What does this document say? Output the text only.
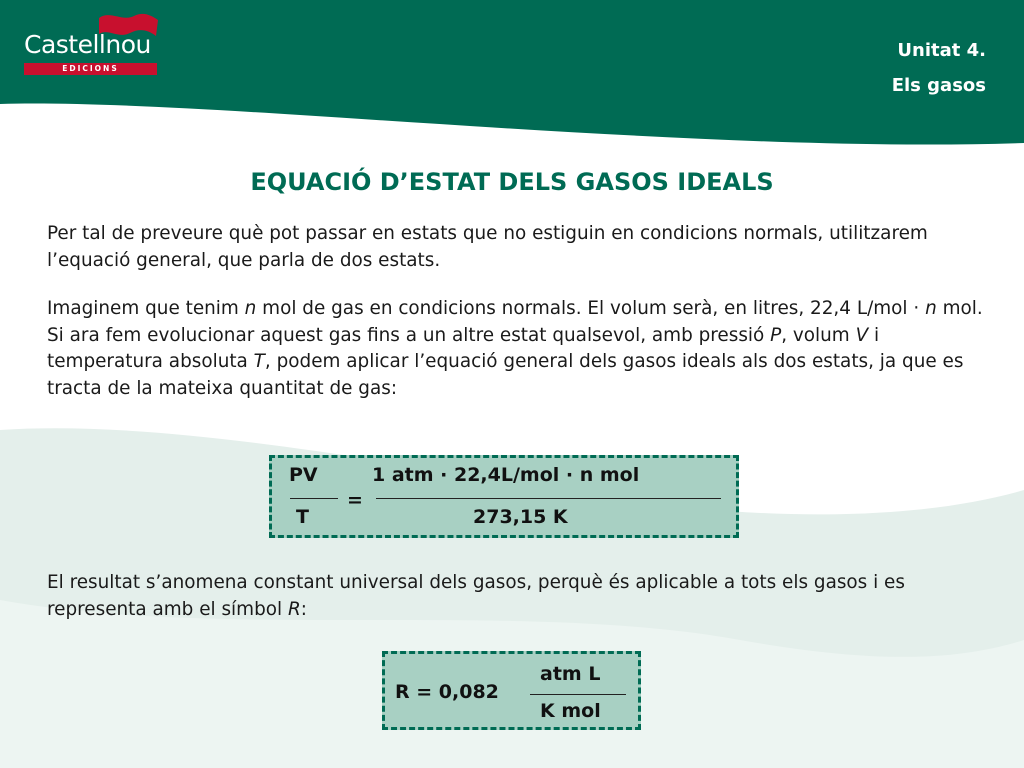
Castellnou
EDICIONS
Unitat 4.
Els gasos
EQUACIÓ D’ESTAT DELS GASOS IDEALS

Per tal de preveure què pot passar en estats que no estiguin en condicions normals, utilitzarem l’equació general, que parla de dos estats.

Imaginem que tenim n mol de gas en condicions normals. El volum serà, en litres, 22,4 L/mol · n mol. Si ara fem evolucionar aquest gas fins a un altre estat qualsevol, amb pressió P, volum V i temperatura absoluta T, podem aplicar l’equació general dels gasos ideals als dos estats, ja que es tracta de la mateixa quantitat de gas:

PV
T
=
1 atm · 22,4L/mol · n mol
273,15 K

El resultat s’anomena constant universal dels gasos, perquè és aplicable a tots els gasos i es representa amb el símbol R:

R = 0,082
atm L
K mol
